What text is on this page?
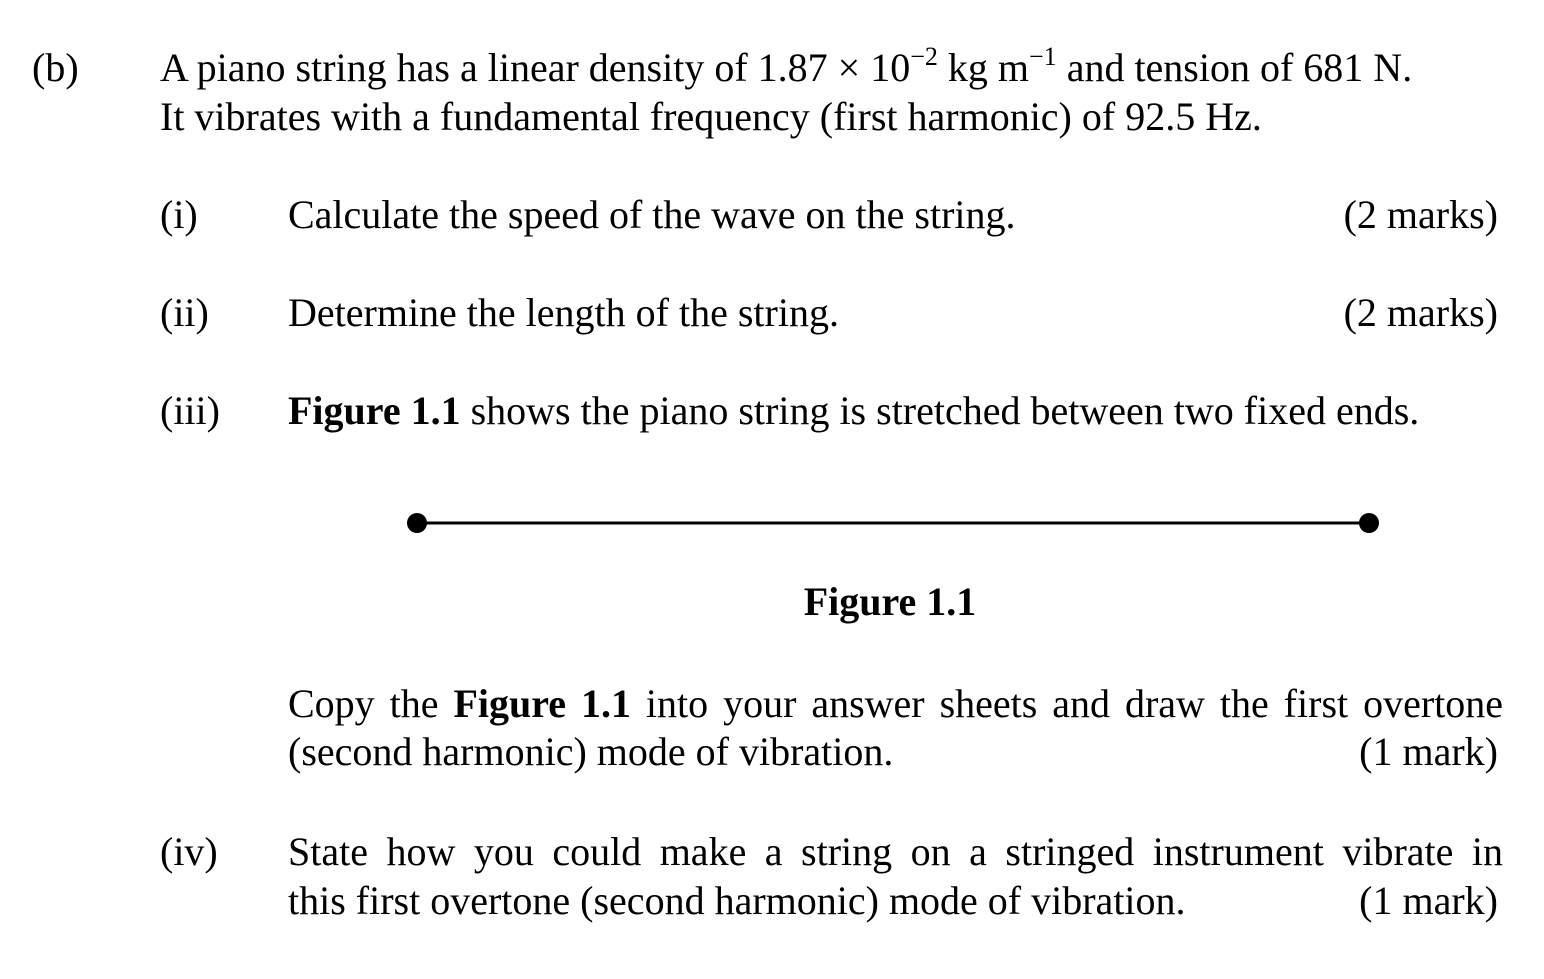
(b) A piano string has a linear density of $1.87 \times 10^{-2}$ kg $m^{-1}$ and tension of 681 N.
It vibrates with a fundamental frequency (first harmonic) of 92.5 Hz.
(i) Calculate the speed of the wave on the string.	(2 marks)
(ii) Determine the length of the string.	(2 marks)
(iii) Figure 1.1 shows the piano string is stretched between two fixed ends.
Figure 1.1
Copy the Figure 1.1 into your answer sheets and draw the first overtone
(second harmonic) mode of vibration.	(1 mark)
(iv) State how you could make a string on a stringed instrument vibrate in
this first overtone (second harmonic) mode of vibration.	(1 mark)
